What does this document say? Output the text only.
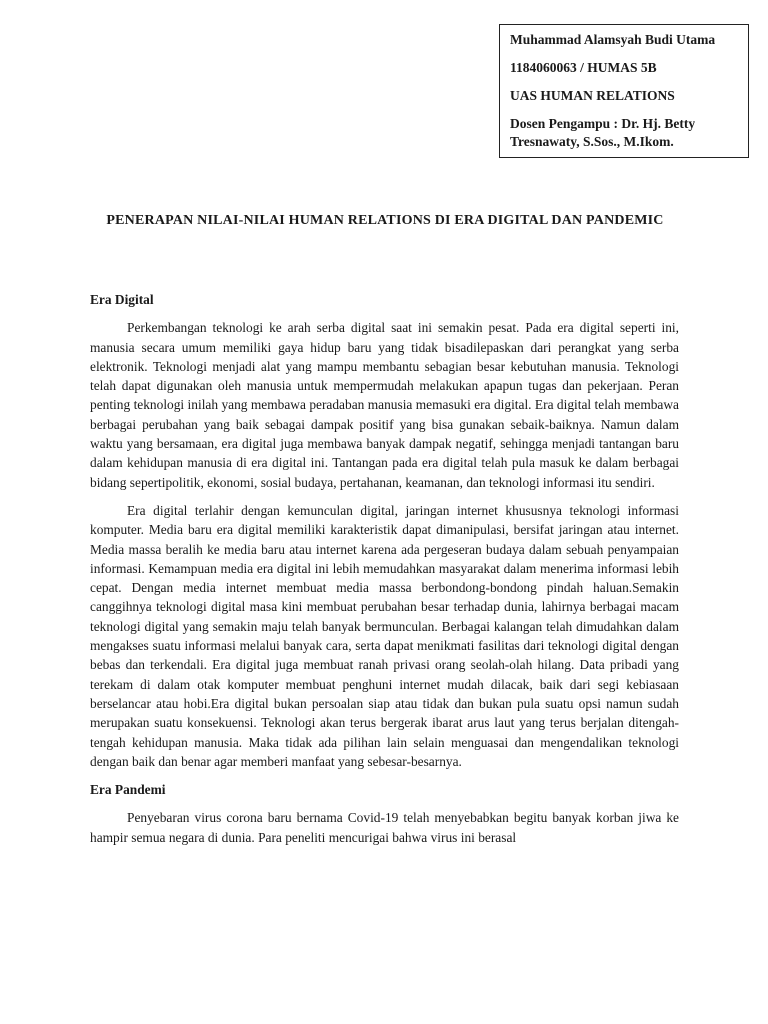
Muhammad Alamsyah Budi Utama

1184060063 / HUMAS 5B

UAS HUMAN RELATIONS

Dosen Pengampu : Dr. Hj. Betty Tresnawaty, S.Sos., M.Ikom.

PENERAPAN NILAI-NILAI HUMAN RELATIONS DI ERA DIGITAL DAN PANDEMIC

Era Digital

Perkembangan teknologi ke arah serba digital saat ini semakin pesat. Pada era digital seperti ini, manusia secara umum memiliki gaya hidup baru yang tidak bisadilepaskan dari perangkat yang serba elektronik. Teknologi menjadi alat yang mampu membantu sebagian besar kebutuhan manusia. Teknologi telah dapat digunakan oleh manusia untuk mempermudah melakukan apapun tugas dan pekerjaan. Peran penting teknologi inilah yang membawa peradaban manusia memasuki era digital. Era digital telah membawa berbagai perubahan yang baik sebagai dampak positif yang bisa gunakan sebaik-baiknya. Namun dalam waktu yang bersamaan, era digital juga membawa banyak dampak negatif, sehingga menjadi tantangan baru dalam kehidupan manusia di era digital ini. Tantangan pada era digital telah pula masuk ke dalam berbagai bidang sepertipolitik, ekonomi, sosial budaya, pertahanan, keamanan, dan teknologi informasi itu sendiri.

Era digital terlahir dengan kemunculan digital, jaringan internet khususnya teknologi informasi komputer. Media baru era digital memiliki karakteristik dapat dimanipulasi, bersifat jaringan atau internet. Media massa beralih ke media baru atau internet karena ada pergeseran budaya dalam sebuah penyampaian informasi. Kemampuan media era digital ini lebih memudahkan masyarakat dalam menerima informasi lebih cepat. Dengan media internet membuat media massa berbondong-bondong pindah haluan.Semakin canggihnya teknologi digital masa kini membuat perubahan besar terhadap dunia, lahirnya berbagai macam teknologi digital yang semakin maju telah banyak bermunculan. Berbagai kalangan telah dimudahkan dalam mengakses suatu informasi melalui banyak cara, serta dapat menikmati fasilitas dari teknologi digital dengan bebas dan terkendali. Era digital juga membuat ranah privasi orang seolah-olah hilang. Data pribadi yang terekam di dalam otak komputer membuat penghuni internet mudah dilacak, baik dari segi kebiasaan berselancar atau hobi.Era digital bukan persoalan siap atau tidak dan bukan pula suatu opsi namun sudah merupakan suatu konsekuensi. Teknologi akan terus bergerak ibarat arus laut yang terus berjalan ditengah-tengah kehidupan manusia. Maka tidak ada pilihan lain selain menguasai dan mengendalikan teknologi dengan baik dan benar agar memberi manfaat yang sebesar-besarnya.

Era Pandemi

Penyebaran virus corona baru bernama Covid-19 telah menyebabkan begitu banyak korban jiwa ke hampir semua negara di dunia. Para peneliti mencurigai bahwa virus ini berasal
